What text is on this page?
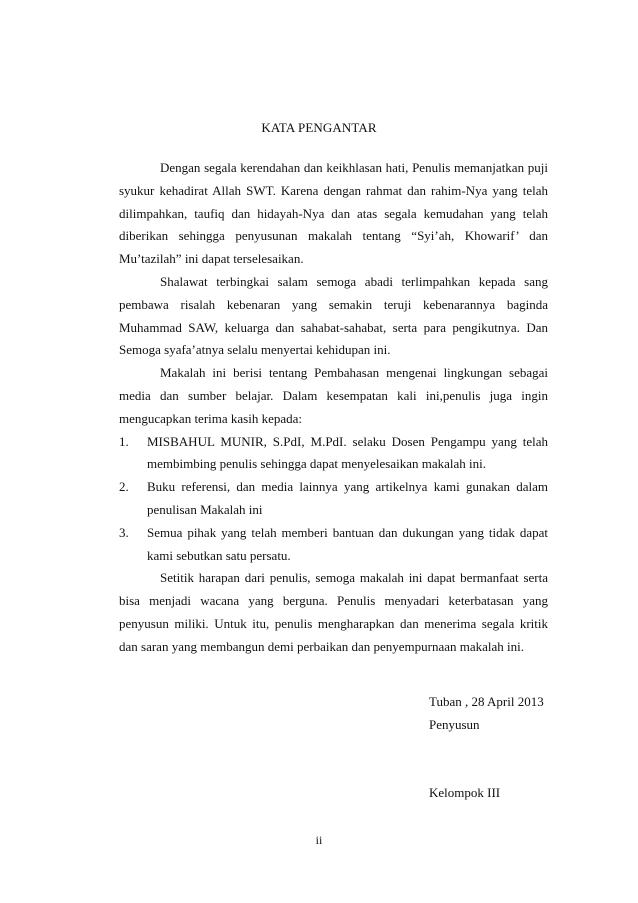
KATA PENGANTAR

Dengan segala kerendahan dan keikhlasan hati, Penulis memanjatkan puji syukur kehadirat Allah SWT. Karena dengan rahmat dan rahim-Nya yang telah dilimpahkan, taufiq dan hidayah-Nya dan atas segala kemudahan yang telah diberikan sehingga penyusunan makalah tentang “Syi’ah, Khowarif’ dan Mu’tazilah” ini dapat terselesaikan.

Shalawat terbingkai salam semoga abadi terlimpahkan kepada sang pembawa risalah kebenaran yang semakin teruji kebenarannya baginda Muhammad SAW, keluarga dan sahabat-sahabat, serta para pengikutnya. Dan Semoga syafa’atnya selalu menyertai kehidupan ini.

Makalah ini berisi tentang Pembahasan mengenai lingkungan sebagai media dan sumber belajar. Dalam kesempatan kali ini,penulis juga ingin mengucapkan terima kasih kepada:

1. MISBAHUL MUNIR, S.PdI, M.PdI. selaku Dosen Pengampu yang telah membimbing penulis sehingga dapat menyelesaikan makalah ini.
2. Buku referensi, dan media lainnya yang artikelnya kami gunakan dalam penulisan Makalah ini
3. Semua pihak yang telah memberi bantuan dan dukungan yang tidak dapat kami sebutkan satu persatu.

Setitik harapan dari penulis, semoga makalah ini dapat bermanfaat serta bisa menjadi wacana yang berguna. Penulis menyadari keterbatasan yang penyusun miliki. Untuk itu, penulis mengharapkan dan menerima segala kritik dan saran yang membangun demi perbaikan dan penyempurnaan makalah ini.

Tuban , 28 April 2013
Penyusun
Kelompok III
ii
